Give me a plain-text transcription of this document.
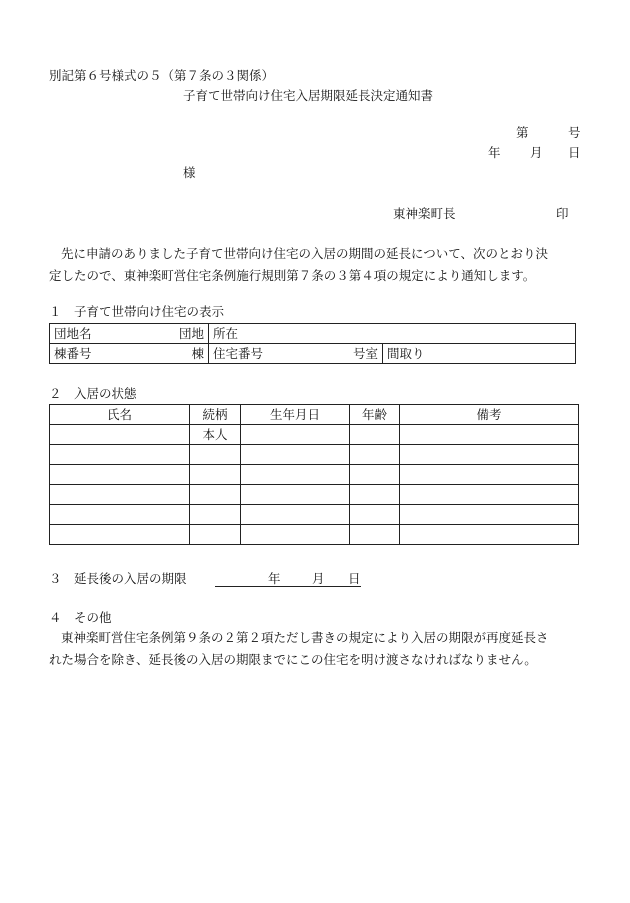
別記第６号様式の５（第７条の３関係）
子育て世帯向け住宅入居期限延長決定通知書
第	号
年 月 日
様
東神楽町長	印
先に申請のありました子育て世帯向け住宅の入居の期間の延長について、次のとおり決
定したので、東神楽町営住宅条例施行規則第７条の３第４項の規定により通知します。
１　子育て世帯向け住宅の表示
団地名 団地	所在	
棟番号 棟	住宅番号 号室	間取り
２　入居の状態
氏名	続柄	生年月日	年齢	備考
	本人			

３　延長後の入居の期限	年	月 日
４　その他
東神楽町営住宅条例第９条の２第２項ただし書きの規定により入居の期限が再度延長さ
れた場合を除き、延長後の入居の期限までにこの住宅を明け渡さなければなりません。
